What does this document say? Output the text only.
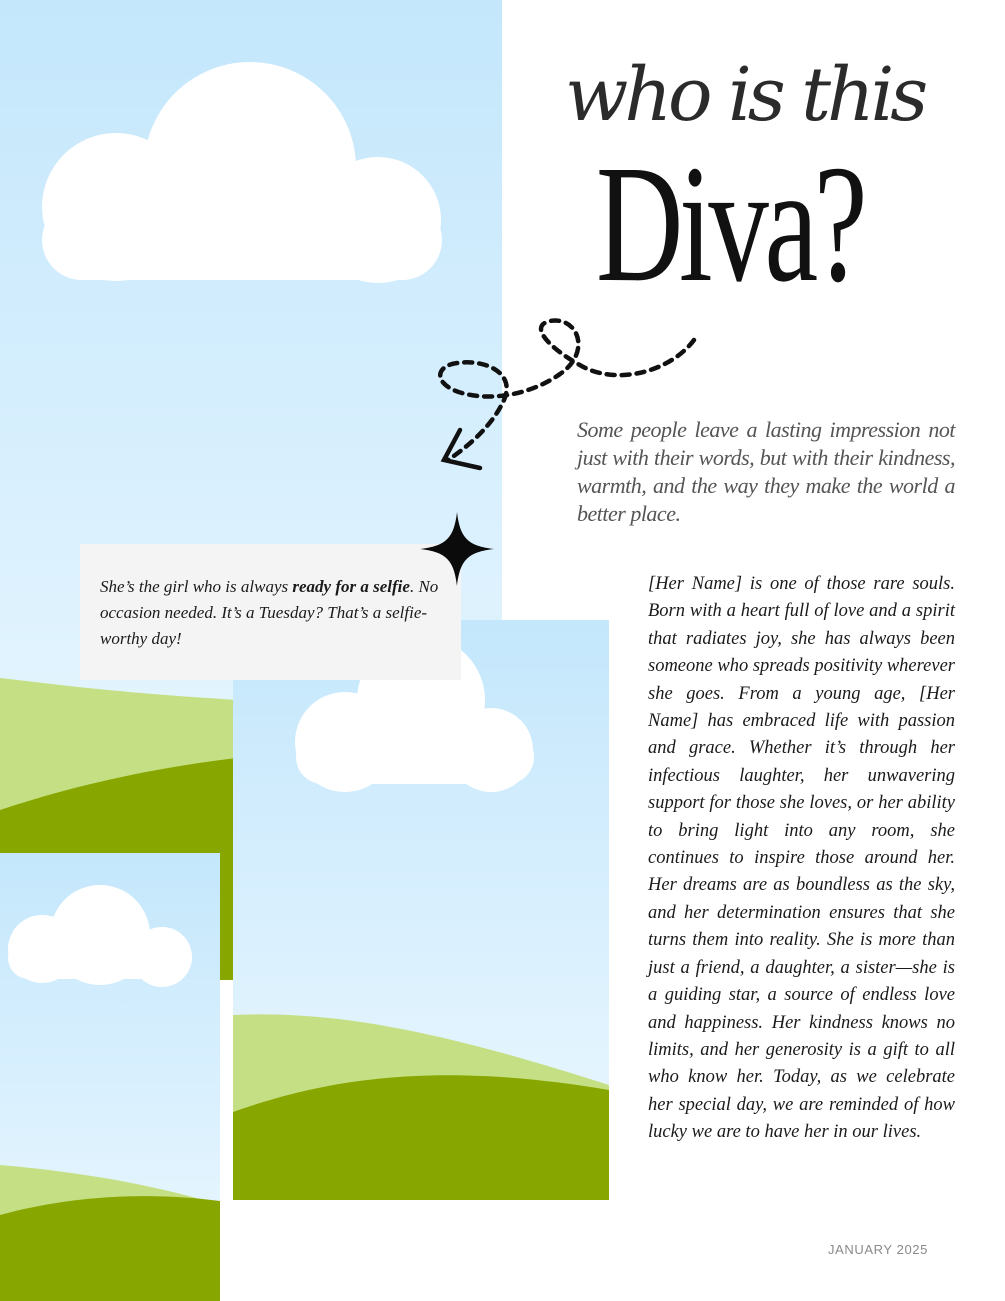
who is this
Diva?
Some people leave a lasting impression not just with their words, but with their kindness, warmth, and the way they make the world a better place.
She’s the girl who is always ready for a selfie. No occasion needed. It’s a Tuesday? That’s a selfie-worthy day!
[Her Name] is one of those rare souls. Born with a heart full of love and a spirit that radiates joy, she has always been someone who spreads positivity wherever she goes. From a young age, [Her Name] has embraced life with passion and grace. Whether it’s through her infectious laughter, her unwavering support for those she loves, or her ability to bring light into any room, she continues to inspire those around her. Her dreams are as boundless as the sky, and her determination ensures that she turns them into reality. She is more than just a friend, a daughter, a sister—she is a guiding star, a source of endless love and happiness. Her kindness knows no limits, and her generosity is a gift to all who know her. Today, as we celebrate her special day, we are reminded of how lucky we are to have her in our lives.
JANUARY 2025
